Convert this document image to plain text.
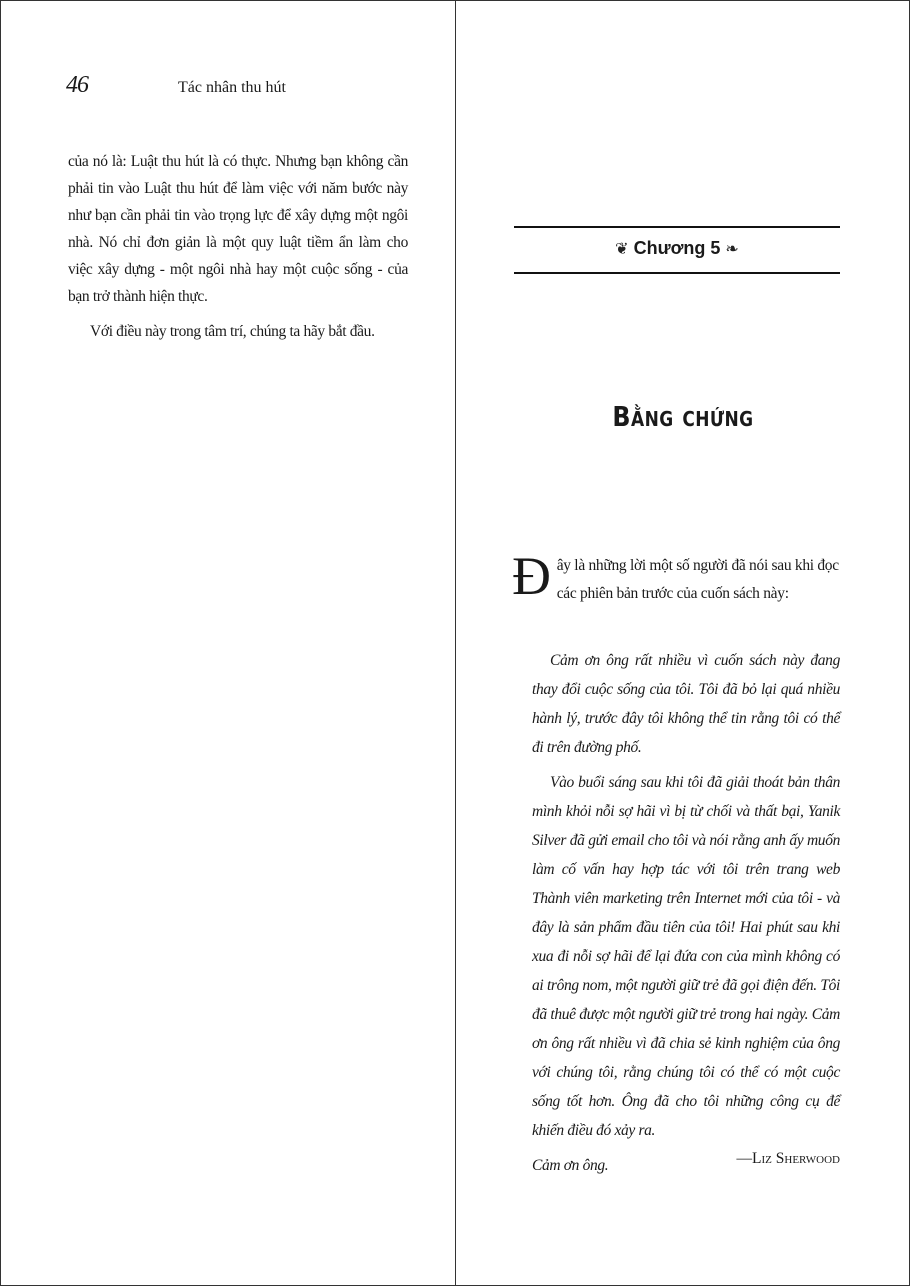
46	Tác nhân thu hút

của nó là: Luật thu hút là có thực. Nhưng bạn không cần phải tin vào Luật thu hút để làm việc với năm bước này như bạn cần phải tin vào trọng lực để xây dựng một ngôi nhà. Nó chỉ đơn giản là một quy luật tiềm ẩn làm cho việc xây dựng - một ngôi nhà hay một cuộc sống - của bạn trở thành hiện thực.

Với điều này trong tâm trí, chúng ta hãy bắt đầu.

❦ Chương 5 ❧
Bằng chứng
Đây là những lời một số người đã nói sau khi đọc các phiên bản trước của cuốn sách này:

Cảm ơn ông rất nhiều vì cuốn sách này đang thay đổi cuộc sống của tôi. Tôi đã bỏ lại quá nhiều hành lý, trước đây tôi không thể tin rằng tôi có thể đi trên đường phố.

Vào buổi sáng sau khi tôi đã giải thoát bản thân mình khỏi nỗi sợ hãi vì bị từ chối và thất bại, Yanik Silver đã gửi email cho tôi và nói rằng anh ấy muốn làm cố vấn hay hợp tác với tôi trên trang web Thành viên marketing trên Internet mới của tôi - và đây là sản phẩm đầu tiên của tôi! Hai phút sau khi xua đi nỗi sợ hãi để lại đứa con của mình không có ai trông nom, một người giữ trẻ đã gọi điện đến. Tôi đã thuê được một người giữ trẻ trong hai ngày. Cảm ơn ông rất nhiều vì đã chia sẻ kinh nghiệm của ông với chúng tôi, rằng chúng tôi có thể có một cuộc sống tốt hơn. Ông đã cho tôi những công cụ để khiến điều đó xảy ra.

Cảm ơn ông.	—Liz Sherwood
